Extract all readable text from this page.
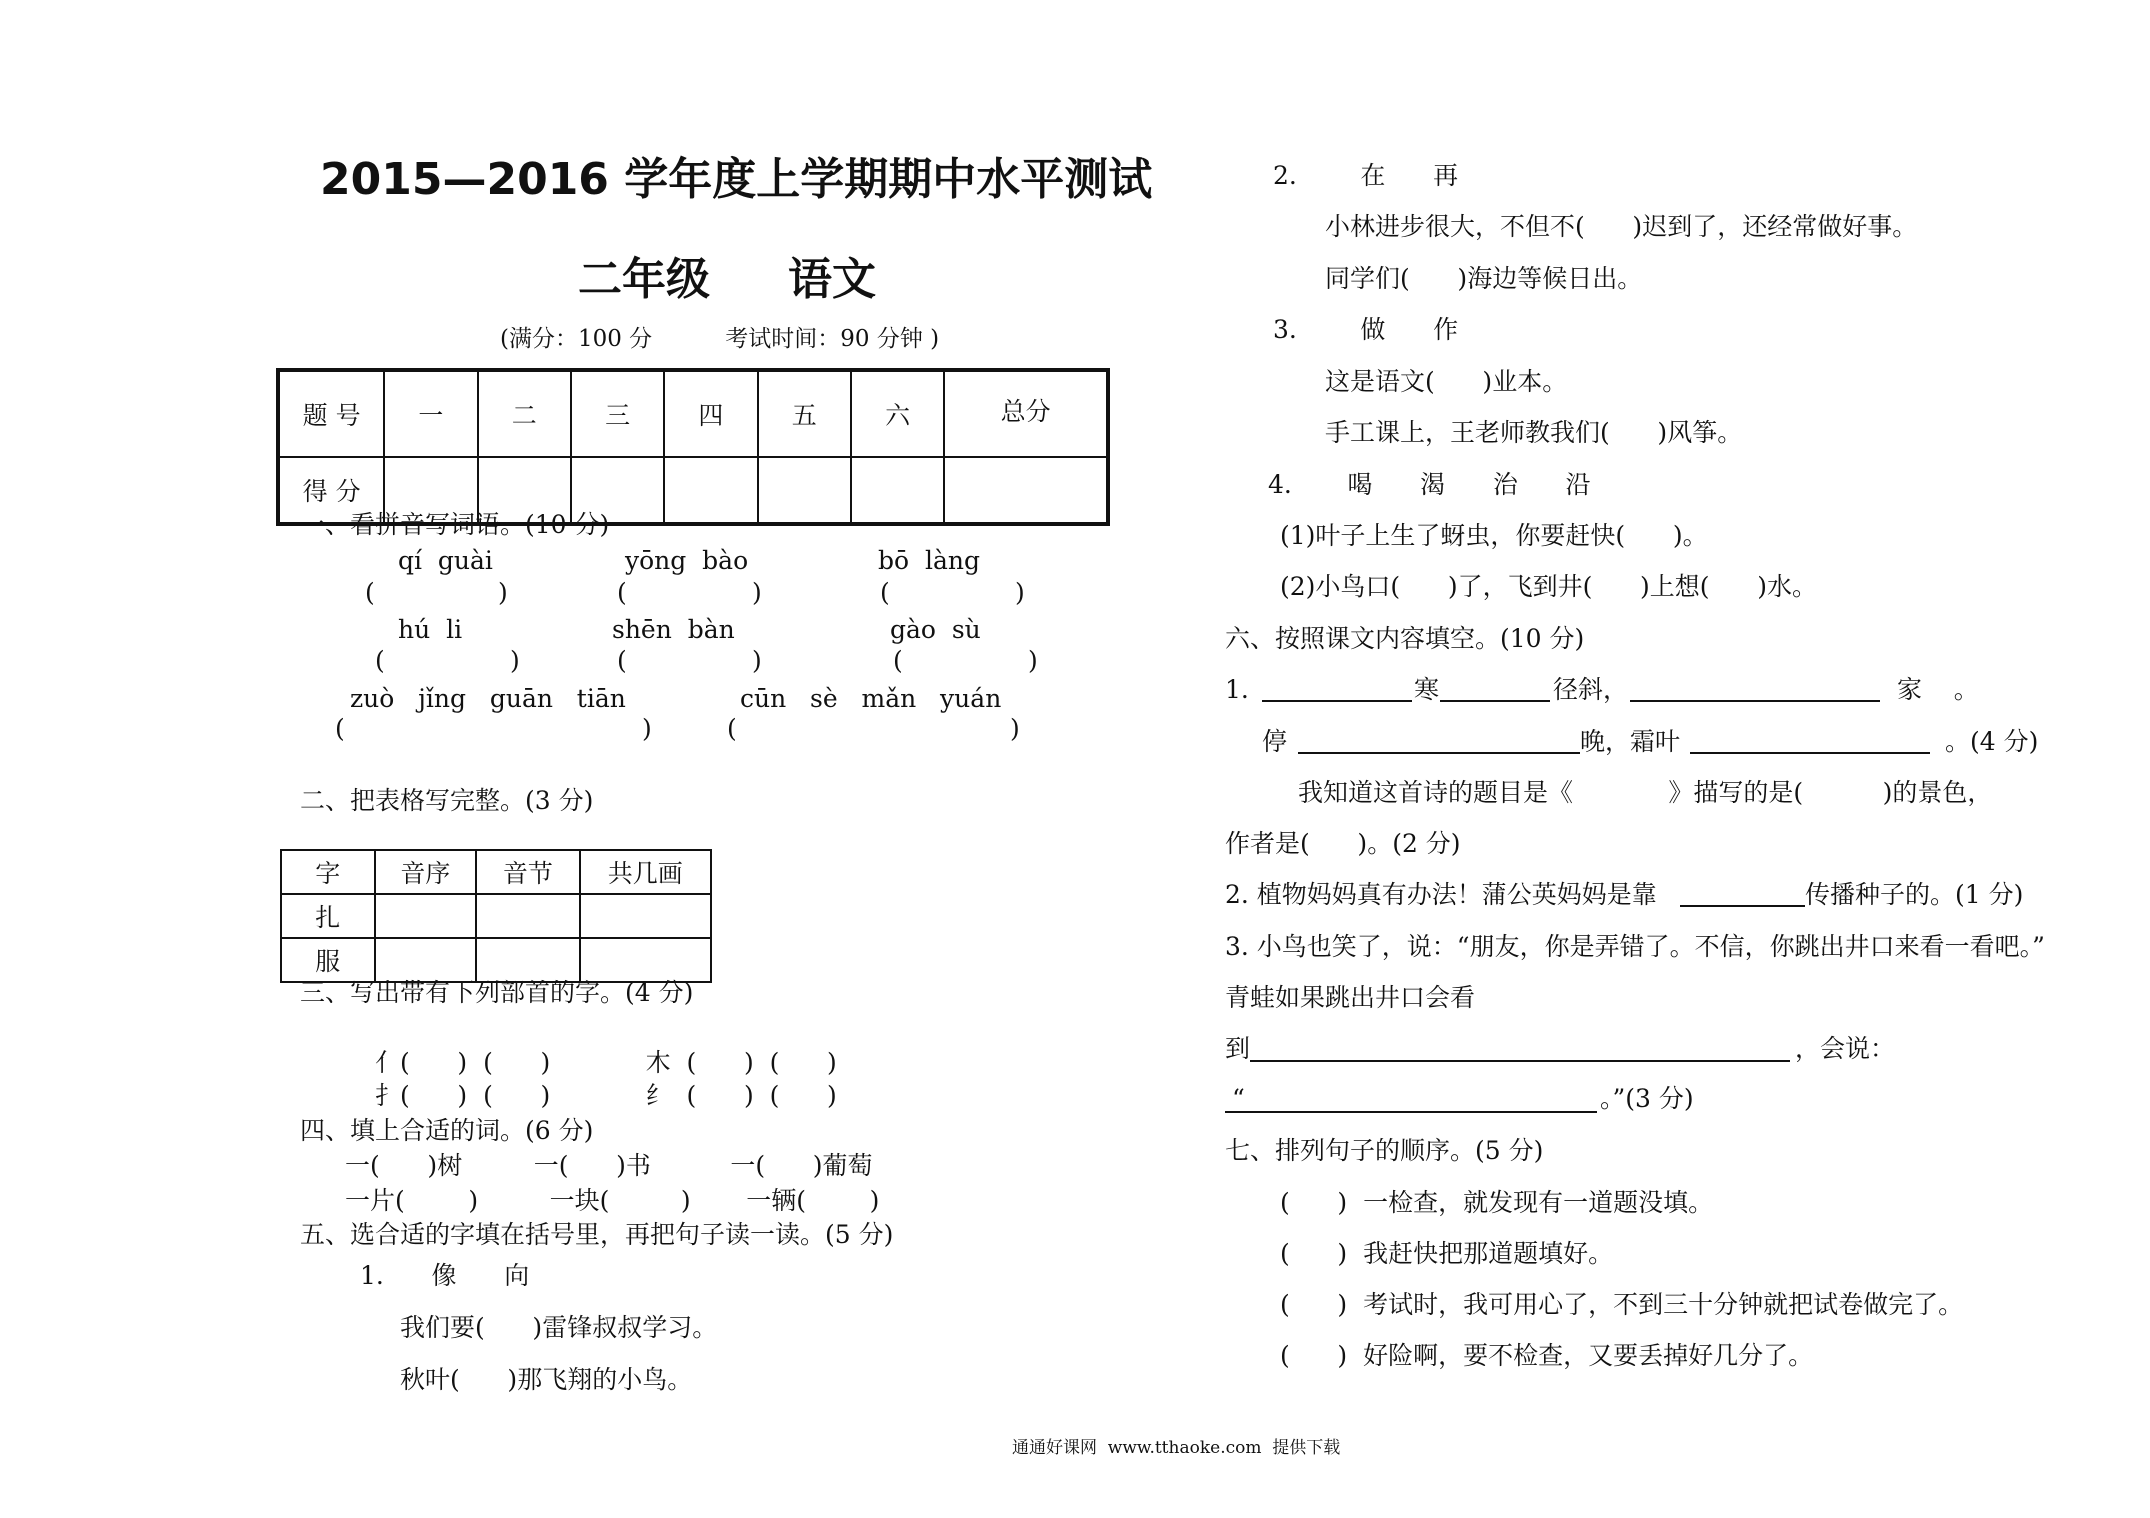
2015—2016 学年度上学期期中水平测试
二年级 语文
(满分：100 分          考试时间：90 分钟 )
题 号	一	二	三	四	五	六	总分
得 分							
一、看拼音写词语。(10 分)
qí  guài	yōng  bào	bō  làng
(	)	(	)	(	)
hú  li	shēn  bàn	gào  sù
(	)	(	)	(	)
zuò   jǐng   guān   tiān	cūn   sè   mǎn   yuán
(	)	(	)
二、把表格写完整。(3 分)
字	音序	音节	共几画
扎			
服			
三、写出带有下列部首的字。(4 分)
亻(      )  (      )            木  (      )  (      )
扌(      )  (      )            纟  (      )  (      )
四、填上合适的词。(6 分)
一(      )树         一(      )书          一(      )葡萄
一片(        )         一块(         )       一辆(        )
五、选合适的字填在括号里，再把句子读一读。(5 分)
1.      像      向
我们要(      )雷锋叔叔学习。
秋叶(      )那飞翔的小鸟。
2.        在      再
小林进步很大，不但不(      )迟到了，还经常做好事。
同学们(      )海边等候日出。
3.        做      作
这是语文(      )业本。
手工课上，王老师教我们(      )风筝。
4.       喝      渴      治      沿
(1)叶子上生了蚜虫，你要赶快(      )。
(2)小鸟口(      )了，飞到井(      )上想(      )水。
六、按照课文内容填空。(10 分)
1.	寒	径斜，	家    。
停	晚，霜叶	。(4 分)
我知道这首诗的题目是《            》描写的是(          )的景色，
作者是(      )。(2 分)
2. 植物妈妈真有办法！蒲公英妈妈是靠	传播种子的。(1 分)
3. 小鸟也笑了，说：“朋友，你是弄错了。不信，你跳出井口来看一看吧。”
青蛙如果跳出井口会看
到	，会说：
“	。”(3 分)
七、排列句子的顺序。(5 分)
(      )  一检查，就发现有一道题没填。
(      )  我赶快把那道题填好。
(      )  考试时，我可用心了，不到三十分钟就把试卷做完了。
(      )  好险啊，要不检查，又要丢掉好几分了。
通通好课网  www.tthaoke.com  提供下载
